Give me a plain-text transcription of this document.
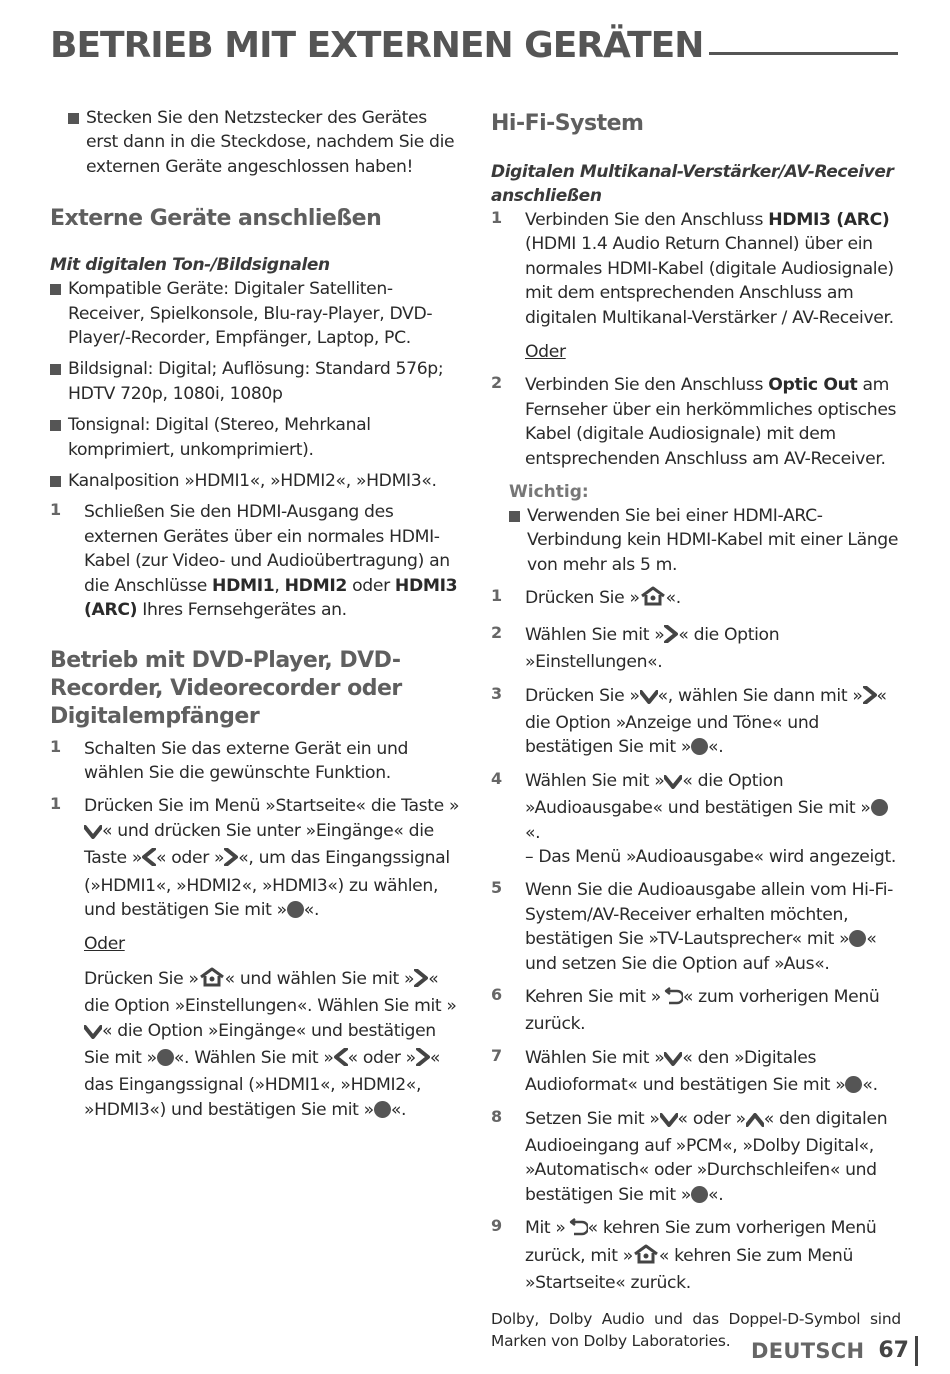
BETRIEB MIT EXTERNEN GERÄTEN

Stecken Sie den Netzstecker des Gerätes erst dann in die Steckdose, nachdem Sie die externen Geräte angeschlossen haben!

Externe Geräte anschließen
Mit digitalen Ton-/Bildsignalen

Kompatible Geräte: Digitaler Satelliten-Receiver, Spielkonsole, Blu-ray-Player, DVD-Player/-Recorder, Empfänger, Laptop, PC.

Bildsignal: Digital; Auflösung: Standard 576p; HDTV 720p, 1080i, 1080p

Tonsignal: Digital (Stereo, Mehrkanal komprimiert, unkomprimiert).

Kanalposition »HDMI1«, »HDMI2«, »HDMI3«.

1 Schließen Sie den HDMI-Ausgang des externen Gerätes über ein normales HDMI-Kabel (zur Video- und Audioübertragung) an die Anschlüsse HDMI1, HDMI2 oder HDMI3 (ARC) Ihres Fernsehgerätes an.

Betrieb mit DVD-Player, DVD-Recorder, Videorecorder oder Digitalempfänger
1 Schalten Sie das externe Gerät ein und wählen Sie die gewünschte Funktion.

1 Drücken Sie im Menü »Startseite« die Taste »« und drücken Sie unter »Eingänge« die Taste » « oder » «, um das Eingangssignal (»HDMI1«, »HDMI2«, »HDMI3«) zu wählen, und bestätigen Sie mit » «.

Oder

Drücken Sie » « und wählen Sie mit » « die Option »Einstellungen«. Wählen Sie mit »« die Option »Eingänge« und bestätigen Sie mit » «. Wählen Sie mit » « oder » « das Eingangssignal (»HDMI1«, »HDMI2«, »HDMI3«) und bestätigen Sie mit » «.

Hi-Fi-System
Digitalen Multikanal-Verstärker/AV-Receiver anschließen
1 Verbinden Sie den Anschluss HDMI3 (ARC) (HDMI 1.4 Audio Return Channel) über ein normales HDMI-Kabel (digitale Audiosignale) mit dem entsprechenden Anschluss am digitalen Multikanal-Verstärker / AV-Receiver.

Oder

2 Verbinden Sie den Anschluss Optic Out am Fernseher über ein herkömmliches optisches Kabel (digitale Audiosignale) mit dem entsprechenden Anschluss am AV-Receiver.

Wichtig:

Verwenden Sie bei einer HDMI-ARC-Verbindung kein HDMI-Kabel mit einer Länge von mehr als 5 m.

1 Drücken Sie » «.

2 Wählen Sie mit » « die Option »Einstellungen«.

3 Drücken Sie » «, wählen Sie dann mit » « die Option »Anzeige und Töne« und bestätigen Sie mit » «.

4 Wählen Sie mit » « die Option »Audioausgabe« und bestätigen Sie mit »«.

– Das Menü »Audioausgabe« wird angezeigt.

5 Wenn Sie die Audioausgabe allein vom Hi-Fi-System/AV-Receiver erhalten möchten, bestätigen Sie »TV-Lautsprecher« mit » « und setzen Sie die Option auf »Aus«.

6 Kehren Sie mit » « zum vorherigen Menü zurück.

7 Wählen Sie mit » « den »Digitales Audioformat« und bestätigen Sie mit » «.

8 Setzen Sie mit » « oder » « den digitalen Audioeingang auf »PCM«, »Dolby Digital«, »Automatisch« oder »Durchschleifen« und bestätigen Sie mit » «.

9 Mit » « kehren Sie zum vorherigen Menü zurück, mit » « kehren Sie zum Menü »Startseite« zurück.

Dolby, Dolby Audio und das Doppel-D-Symbol sind Marken von Dolby Laboratories. DEUTSCH 67
